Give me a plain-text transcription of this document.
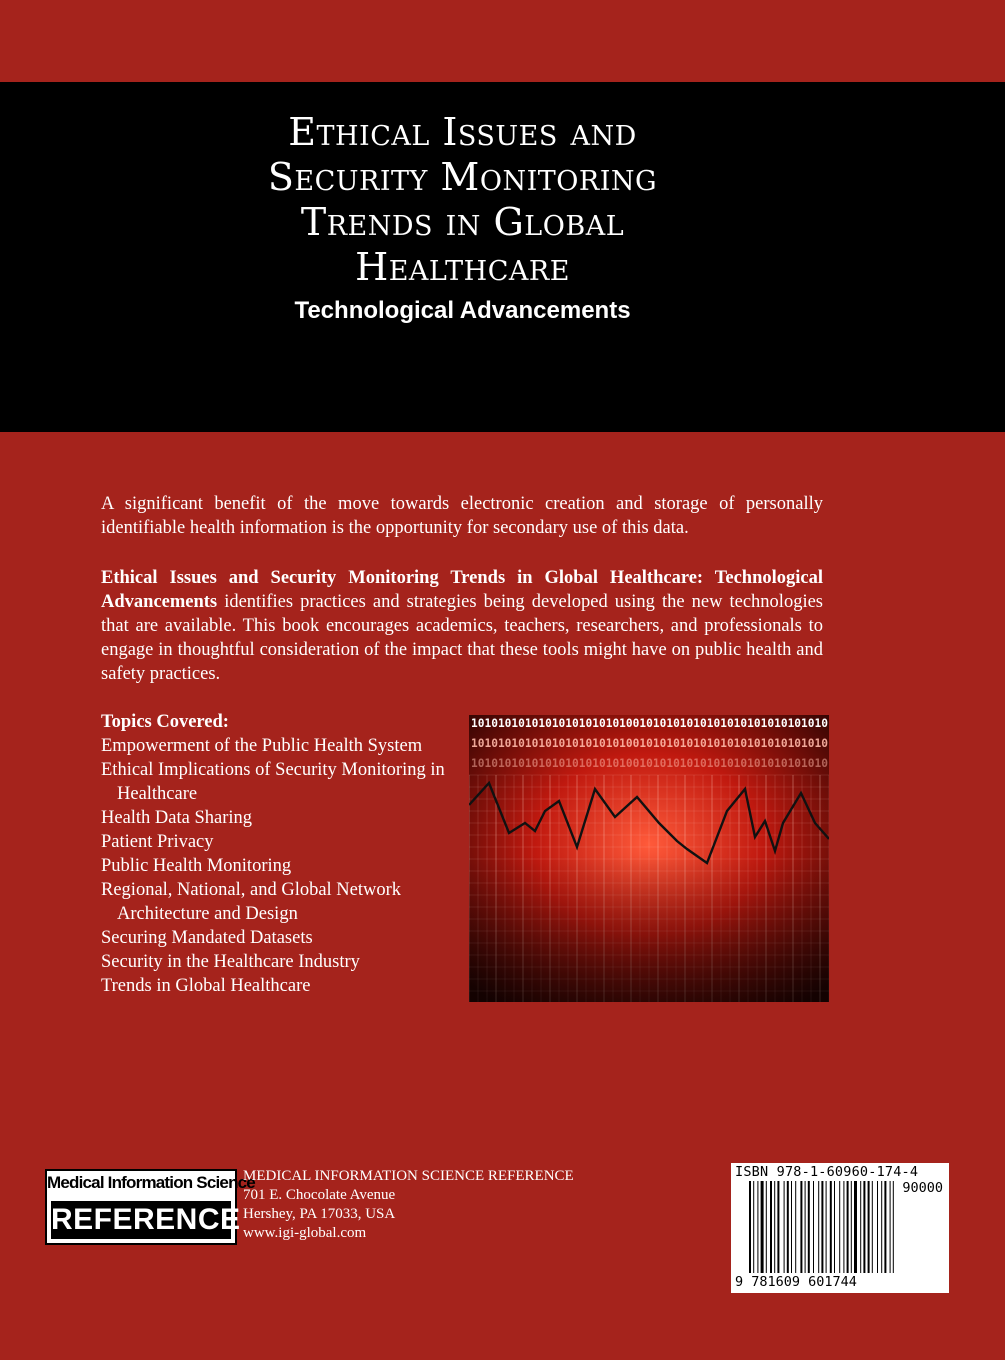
Ethical Issues and
Security Monitoring
Trends in Global
Healthcare
Technological Advancements

A significant benefit of the move towards electronic creation and storage of personally identifiable health information is the opportunity for secondary use of this data.

Ethical Issues and Security Monitoring Trends in Global Healthcare: Technological Advancements identifies practices and strategies being developed using the new technologies that are available. This book encourages academics, teachers, researchers, and professionals to engage in thoughtful consideration of the impact that these tools might have on public health and safety practices.

Topics Covered:
Empowerment of the Public Health System
Ethical Implications of Security Monitoring in Healthcare
Health Data Sharing
Patient Privacy
Public Health Monitoring
Regional, National, and Global Network Architecture and Design
Securing Mandated Datasets
Security in the Healthcare Industry
Trends in Global Healthcare
10101010101010101010101001010101010101010101010101010
10101010101010101010101001010101010101010101010101010
10101010101010101010101001010101010101010101010101010
Medical Information Science
REFERENCE
MEDICAL INFORMATION SCIENCE REFERENCE
701 E. Chocolate Avenue
Hershey, PA 17033, USA
www.igi-global.com
ISBN 978-1-60960-174-4
90000
9 781609 601744
